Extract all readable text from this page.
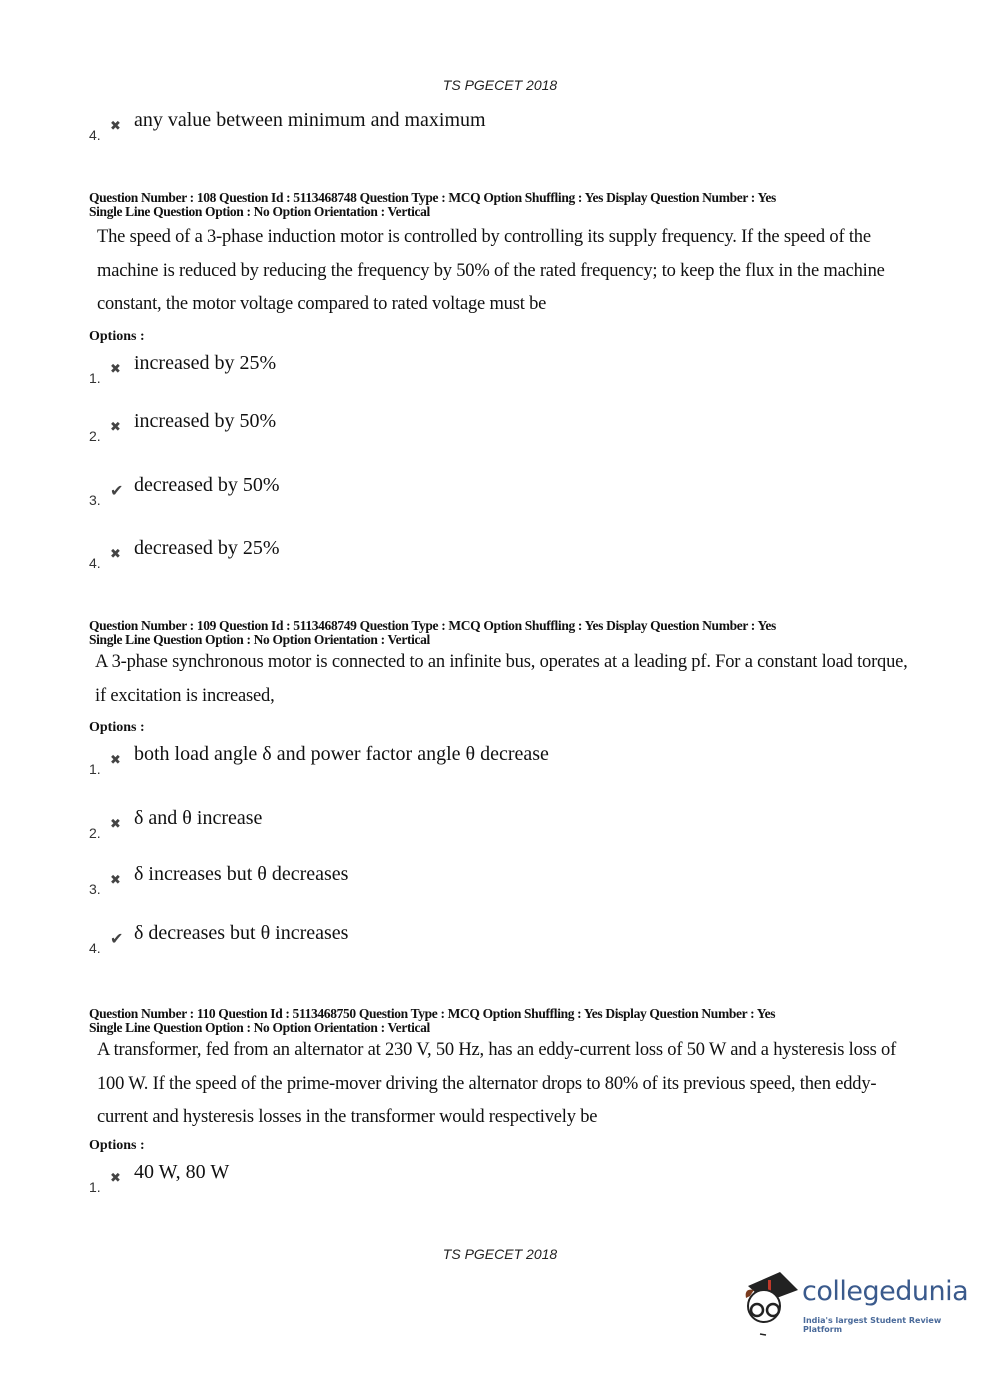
TS PGECET 2018
4.
✖ any value between minimum and maximum
Question Number : 108 Question Id : 5113468748 Question Type : MCQ Option Shuffling : Yes Display Question Number : Yes
Single Line Question Option : No Option Orientation : Vertical
The speed of a 3-phase induction motor is controlled by controlling its supply frequency. If the speed of the machine is reduced by reducing the frequency by 50% of the rated frequency; to keep the flux in the machine constant, the motor voltage compared to rated voltage must be
Options :
1.
✖ increased by 25%
2.
✖ increased by 50%
3. ✔ decreased by 50%
4.
✖ decreased by 25%
Question Number : 109 Question Id : 5113468749 Question Type : MCQ Option Shuffling : Yes Display Question Number : Yes
Single Line Question Option : No Option Orientation : Vertical
A 3-phase synchronous motor is connected to an infinite bus, operates at a leading pf. For a constant load torque, if excitation is increased,
Options :
1.
✖ both load angle δ and power factor angle θ decrease
2.
✖ δ and θ increase
3.
✖ δ increases but θ decreases
4. ✔ δ decreases but θ increases
Question Number : 110 Question Id : 5113468750 Question Type : MCQ Option Shuffling : Yes Display Question Number : Yes
Single Line Question Option : No Option Orientation : Vertical
A transformer, fed from an alternator at 230 V, 50 Hz, has an eddy-current loss of 50 W and a hysteresis loss of 100 W. If the speed of the prime-mover driving the alternator drops to 80% of its previous speed, then eddy-current and hysteresis losses in the transformer would respectively be
Options :
1.
✖ 40 W, 80 W
TS PGECET 2018
collegedunia
India's largest Student Review Platform
